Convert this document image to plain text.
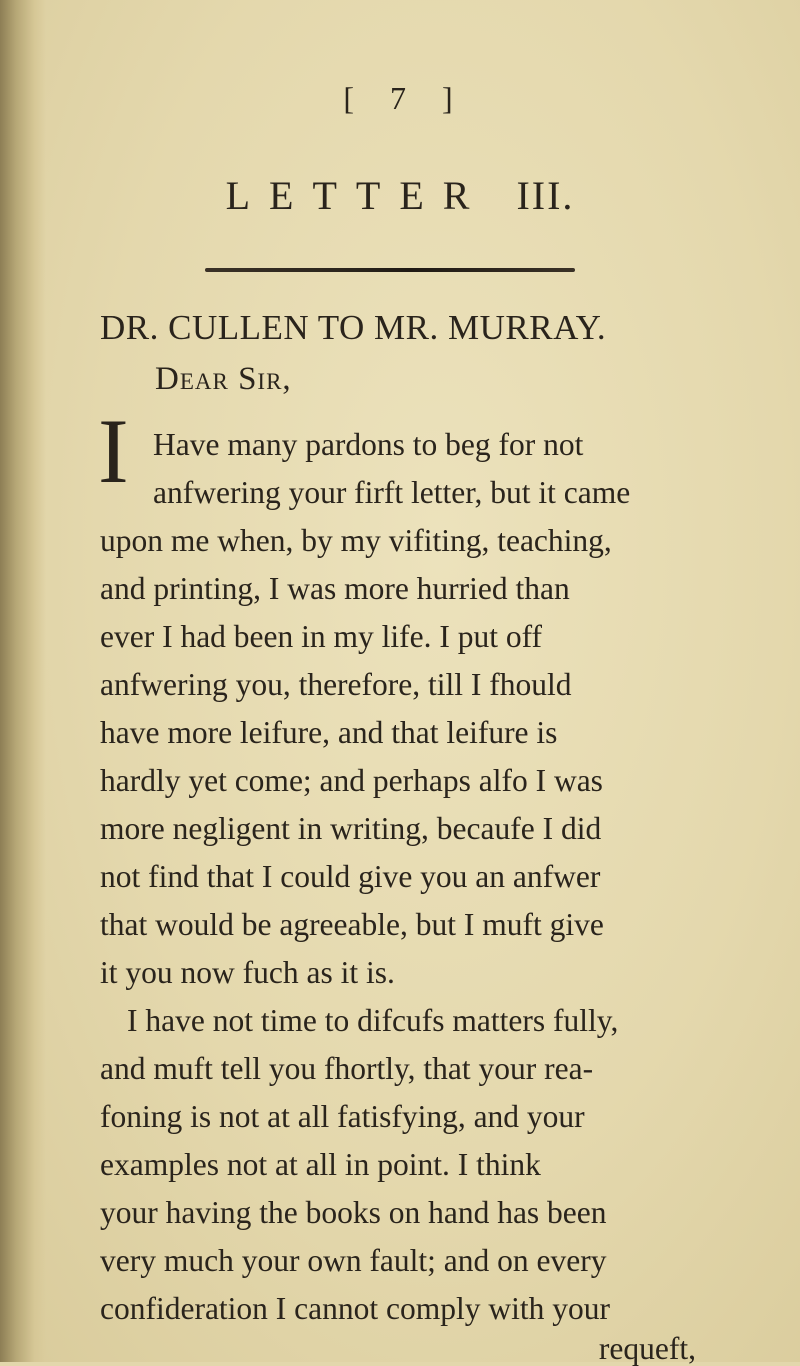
[ 7 ]
LETTER III.
DR. CULLEN TO MR. MURRAY.
Dear Sir,
I Have many pardons to beg for not
anfwering your firft letter, but it came
upon me when, by my vifiting, teaching,
and printing, I was more hurried than
ever I had been in my life. I put off
anfwering you, therefore, till I fhould
have more leifure, and that leifure is
hardly yet come; and perhaps alfo I was
more negligent in writing, becaufe I did
not find that I could give you an anfwer
that would be agreeable, but I muft give
it you now fuch as it is.
I have not time to difcufs matters fully,
and muft tell you fhortly, that your rea-
foning is not at all fatisfying, and your
examples not at all in point. I think
your having the books on hand has been
very much your own fault; and on every
confideration I cannot comply with your
requeft,
